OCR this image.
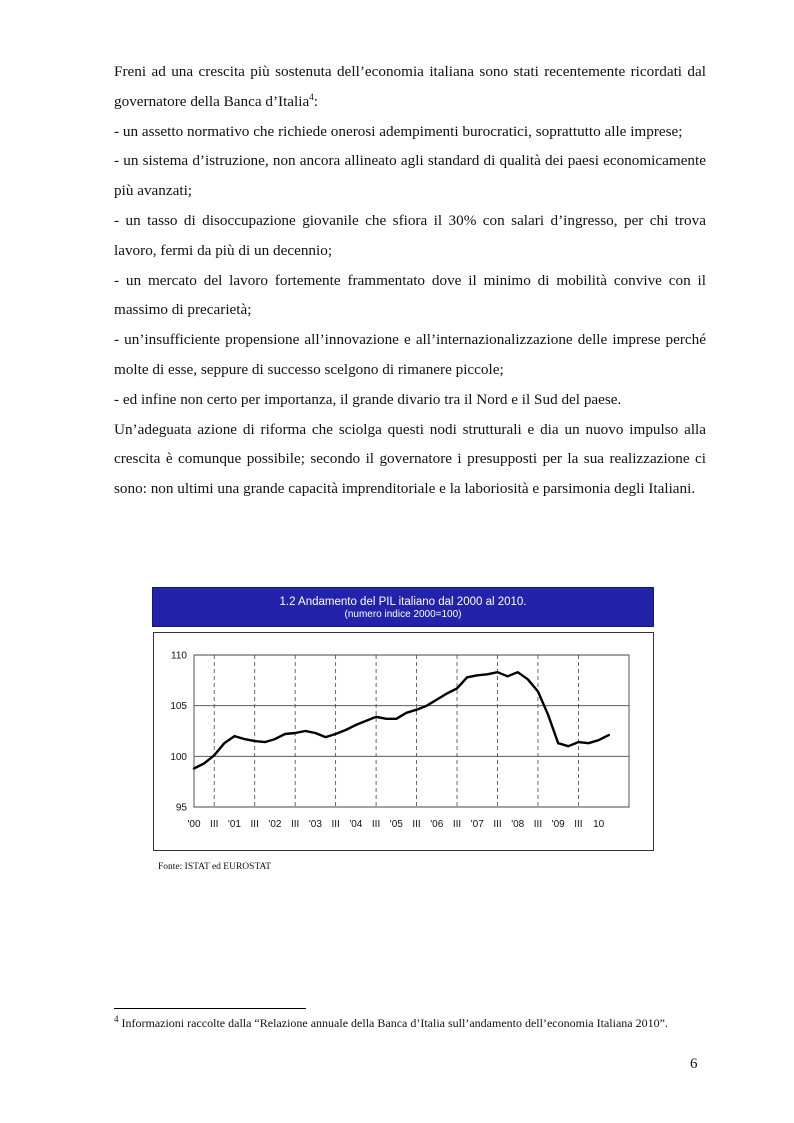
Freni ad una crescita più sostenuta dell’economia italiana sono stati recentemente ricordati dal governatore della Banca d’Italia$^4$:

- un assetto normativo che richiede onerosi adempimenti burocratici, soprattutto alle imprese;

- un sistema d’istruzione, non ancora allineato agli standard di qualità dei paesi economicamente più avanzati;

- un tasso di disoccupazione giovanile che sfiora il 30% con salari d’ingresso, per chi trova lavoro, fermi da più di un decennio;

- un mercato del lavoro fortemente frammentato dove il minimo di mobilità convive con il massimo di precarietà;

- un’insufficiente propensione all’innovazione e all’internazionalizzazione delle imprese perché molte di esse, seppure di successo scelgono di rimanere piccole;

- ed infine non certo per importanza, il grande divario tra il Nord e il Sud del paese.

Un’adeguata azione di riforma che sciolga questi nodi strutturali e dia un nuovo impulso alla crescita è comunque possibile; secondo il governatore i presupposti per la sua realizzazione ci sono: non ultimi una grande capacità imprenditoriale e la laboriosità e parsimonia degli Italiani.

1.2 Andamento del PIL italiano dal 2000 al 2010.
(numero indice 2000=100)
95
100
105
110
'00 III '01 III '02 III '03 III '04 III '05 III '06 III '07 III '08 III '09 III 10
Fonte: ISTAT ed EUROSTAT
$^4$ Informazioni raccolte dalla “Relazione annuale della Banca d’Italia sull’andamento dell’economia Italiana 2010”.
6
